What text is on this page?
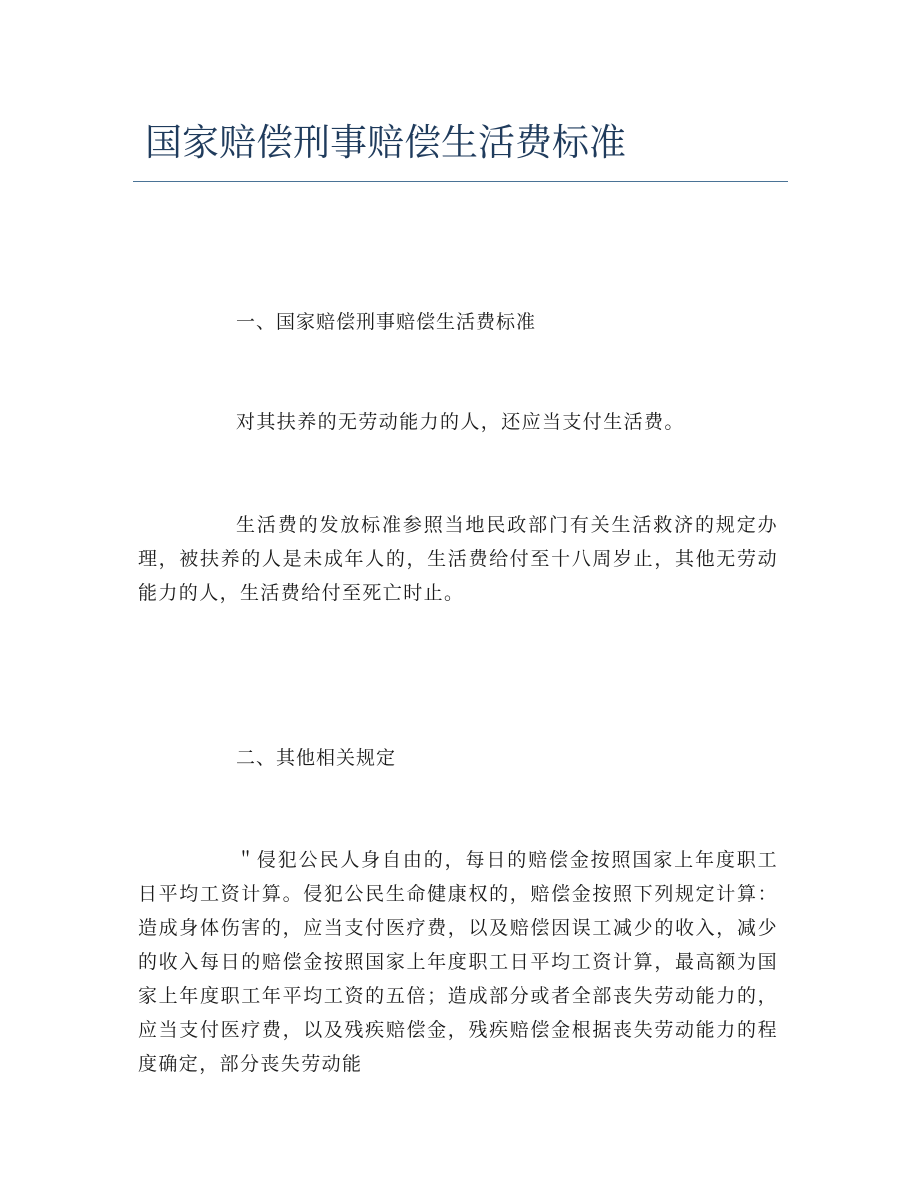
国家赔偿刑事赔偿生活费标准
一、国家赔偿刑事赔偿生活费标准
对其扶养的无劳动能力的人，还应当支付生活费。
生活费的发放标准参照当地民政部门有关生活救济的规定办理，被扶养的人是未成年人的，生活费给付至十八周岁止，其他无劳动能力的人，生活费给付至死亡时止。
二、其他相关规定
＂侵犯公民人身自由的，每日的赔偿金按照国家上年度职工日平均工资计算。侵犯公民生命健康权的，赔偿金按照下列规定计算：造成身体伤害的，应当支付医疗费，以及赔偿因误工减少的收入，减少的收入每日的赔偿金按照国家上年度职工日平均工资计算，最高额为国家上年度职工年平均工资的五倍；造成部分或者全部丧失劳动能力的，应当支付医疗费，以及残疾赔偿金，残疾赔偿金根据丧失劳动能力的程度确定，部分丧失劳动能
